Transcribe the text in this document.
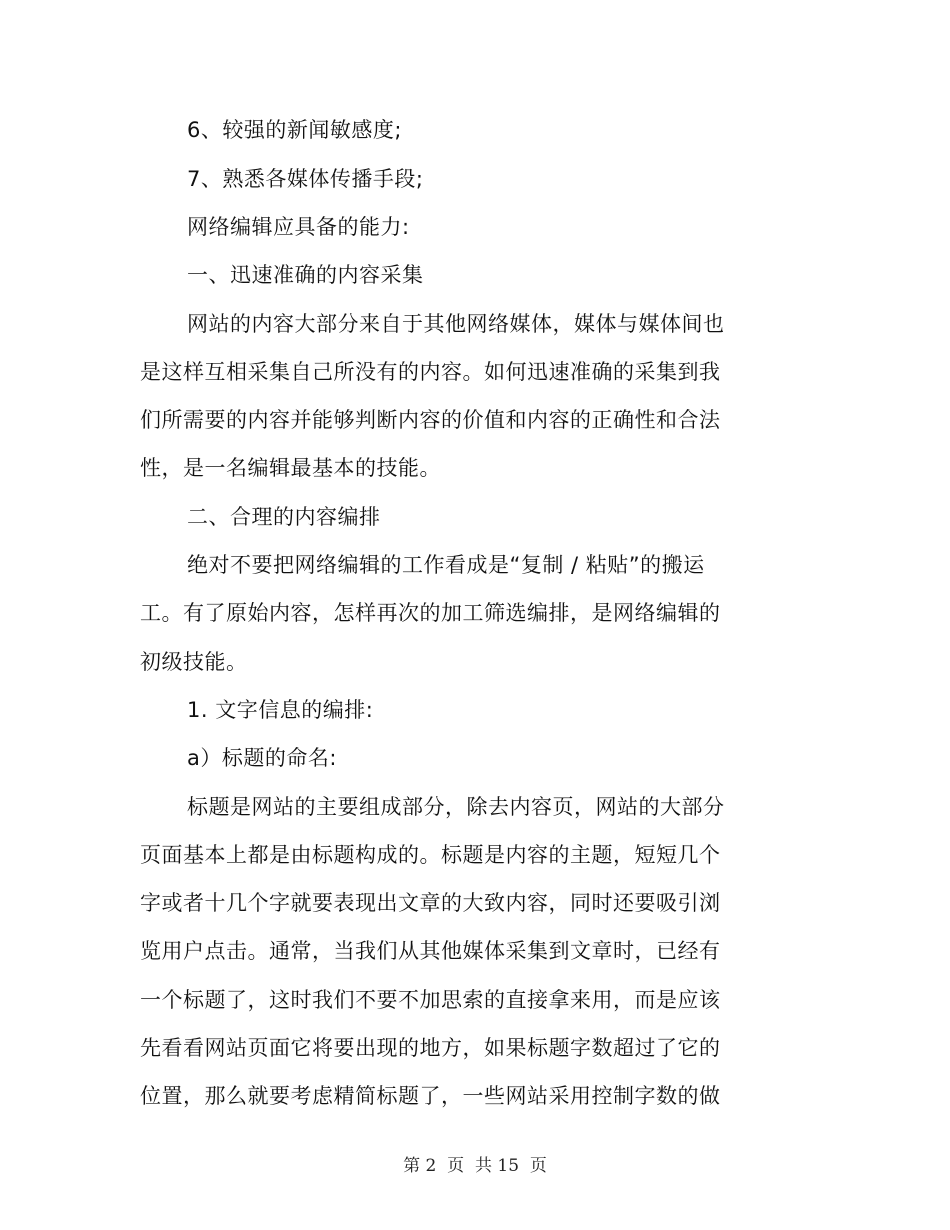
6、较强的新闻敏感度;
7、熟悉各媒体传播手段;
网络编辑应具备的能力:
一、迅速准确的内容采集
网站的内容大部分来自于其他网络媒体，媒体与媒体间也
是这样互相采集自己所没有的内容。如何迅速准确的采集到我
们所需要的内容并能够判断内容的价值和内容的正确性和合法
性，是一名编辑最基本的技能。
二、合理的内容编排
绝对不要把网络编辑的工作看成是“复制 / 粘贴”的搬运
工。有了原始内容，怎样再次的加工筛选编排，是网络编辑的
初级技能。
1. 文字信息的编排:
a）标题的命名:
标题是网站的主要组成部分，除去内容页，网站的大部分
页面基本上都是由标题构成的。标题是内容的主题，短短几个
字或者十几个字就要表现出文章的大致内容，同时还要吸引浏
览用户点击。通常，当我们从其他媒体采集到文章时，已经有
一个标题了，这时我们不要不加思索的直接拿来用，而是应该
先看看网站页面它将要出现的地方，如果标题字数超过了它的
位置，那么就要考虑精简标题了，一些网站采用控制字数的做
第 2  页  共 15  页
